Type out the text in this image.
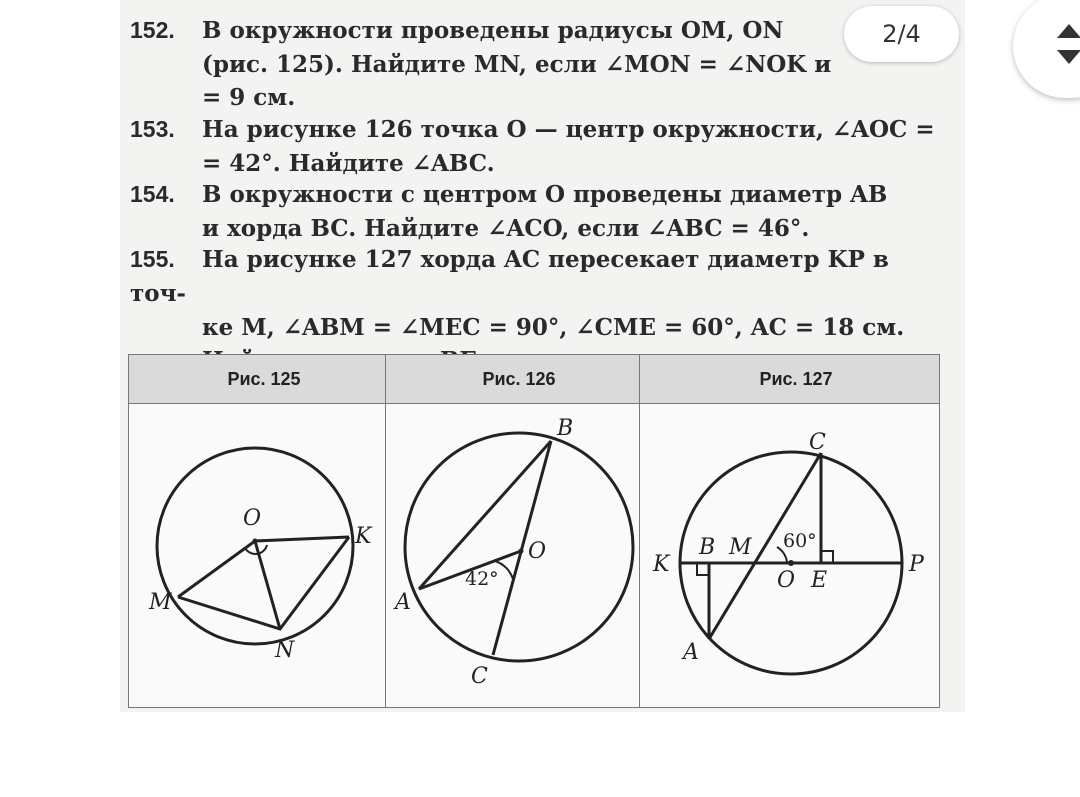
152. В окружности проведены радиусы OM, ON
(рис. 125). Найдите MN, если ∠MON = ∠NOK и
= 9 см.
153. На рисунке 126 точка O — центр окружности, ∠AOC =
= 42°. Найдите ∠ABC.
154. В окружности с центром O проведены диаметр AB
и хорда BC. Найдите ∠ACO, если ∠ABC = 46°.
155. На рисунке 127 хорда AC пересекает диаметр KP в точ-
ке M, ∠ABM = ∠MEC = 90°, ∠CME = 60°, AC = 18 см.
Рис. 125	Рис. 126	Рис. 127
O
K
M
N
B
O
A
C
42°
C
K
B M 60°
O E
P
A
2/4
